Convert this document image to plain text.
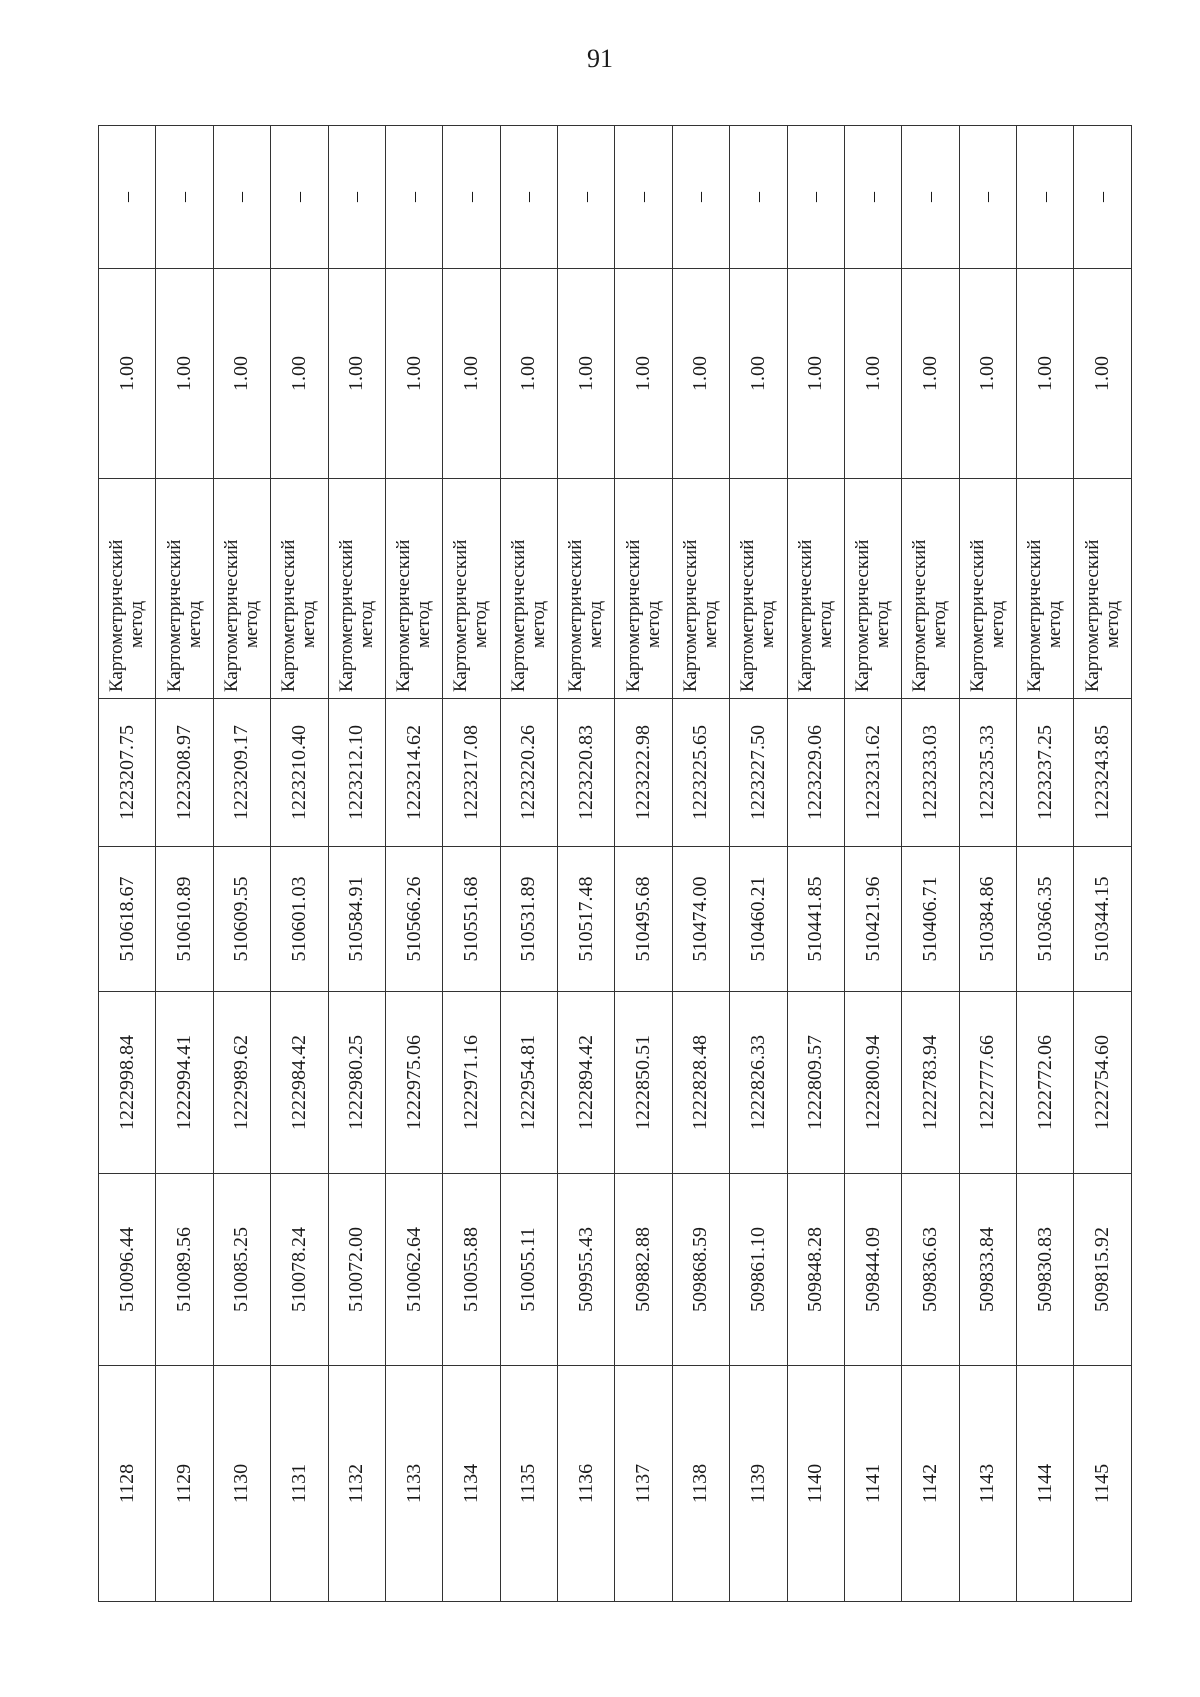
91
1128	510096.44	1222998.84	510618.67	1223207.75	Картометрический метод	1.00	–
1129	510089.56	1222994.41	510610.89	1223208.97	Картометрический метод	1.00	–
1130	510085.25	1222989.62	510609.55	1223209.17	Картометрический метод	1.00	–
1131	510078.24	1222984.42	510601.03	1223210.40	Картометрический метод	1.00	–
1132	510072.00	1222980.25	510584.91	1223212.10	Картометрический метод	1.00	–
1133	510062.64	1222975.06	510566.26	1223214.62	Картометрический метод	1.00	–
1134	510055.88	1222971.16	510551.68	1223217.08	Картометрический метод	1.00	–
1135	510055.11	1222954.81	510531.89	1223220.26	Картометрический метод	1.00	–
1136	509955.43	1222894.42	510517.48	1223220.83	Картометрический метод	1.00	–
1137	509882.88	1222850.51	510495.68	1223222.98	Картометрический метод	1.00	–
1138	509868.59	1222828.48	510474.00	1223225.65	Картометрический метод	1.00	–
1139	509861.10	1222826.33	510460.21	1223227.50	Картометрический метод	1.00	–
1140	509848.28	1222809.57	510441.85	1223229.06	Картометрический метод	1.00	–
1141	509844.09	1222800.94	510421.96	1223231.62	Картометрический метод	1.00	–
1142	509836.63	1222783.94	510406.71	1223233.03	Картометрический метод	1.00	–
1143	509833.84	1222777.66	510384.86	1223235.33	Картометрический метод	1.00	–
1144	509830.83	1222772.06	510366.35	1223237.25	Картометрический метод	1.00	–
1145	509815.92	1222754.60	510344.15	1223243.85	Картометрический метод	1.00	–
